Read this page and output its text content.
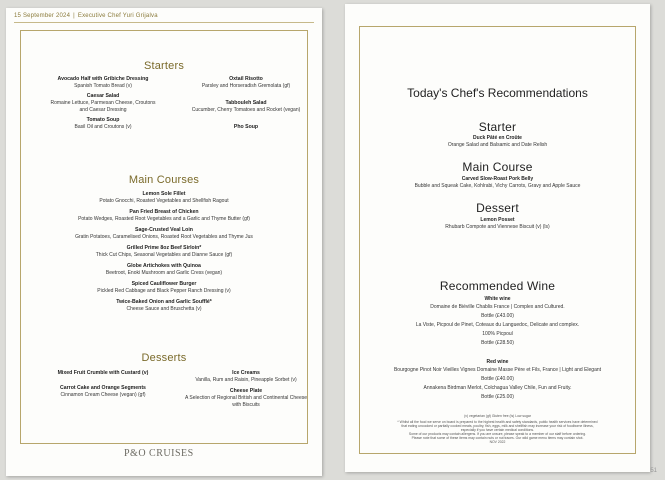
15 September 2024 | Executive Chef Yuri Grijalva
Starters
Avocado Half with Gribiche Dressing
Spanish Tomato Bread (v)
Caesar Salad
Romaine Lettuce, Parmesan Cheese, Croutons and Caesar Dressing
Tomato Soup
Basil Oil and Croutons (v)
Oxtail Risotto
Parsley and Horseradish Gremolata (gf)
Tabbouleh Salad
Cucumber, Cherry Tomatoes and Rocket (vegan)
Pho Soup
Main Courses
Lemon Sole Fillet
Potato Gnocchi, Roasted Vegetables and Shellfish Ragout
Pan Fried Breast of Chicken
Potato Wedges, Roasted Root Vegetables and a Garlic and Thyme Butter (gf)
Sage-Crusted Veal Loin
Gratin Potatoes, Caramelised Onions, Roasted Root Vegetables and Thyme Jus
Grilled Prime 8oz Beef Sirloin*
Thick Cut Chips, Seasonal Vegetables and Dianne Sauce (gf)
Globe Artichokes with Quinoa
Beetroot, Enoki Mushroom and Garlic Cress (vegan)
Spiced Cauliflower Burger
Pickled Red Cabbage and Black Pepper Ranch Dressing (v)
Twice-Baked Onion and Garlic Soufflé*
Cheese Sauce and Bruschetta (v)
Desserts
Mixed Fruit Crumble with Custard (v)
Carrot Cake and Orange Segments
Cinnamon Cream Cheese (vegan) (gf)
Ice Creams
Vanilla, Rum and Raisin, Pineapple Sorbet (v)
Cheese Plate
A Selection of Regional British and Continental Cheese with Biscuits
P&O CRUISES
Today's Chef's Recommendations
Starter
Duck Pâté en Croûte
Orange Salad and Balsamic and Date Relish
Main Course
Carved Slow-Roast Pork Belly
Bubble and Squeak Cake, Kohlrabi, Vichy Carrots, Gravy and Apple Sauce
Dessert
Lemon Posset
Rhubarb Compote and Viennese Biscuit (v) (ls)
Recommended Wine
White wine
Domaine de Biéville Chablis France | Complex and Cultured.
Bottle (£43.00)
La Viste, Picpoul de Pinet, Coteaux du Languedoc, Delicate and complex.
100% Picpoul
Bottle (£28.50)
Red wine
Bourgogne Pinot Noir Vieilles Vignes Domaine Masse Père et Fils, France | Light and Elegant
Bottle (£40.00)
Annakena Birdman Merlot, Colchagua Valley Chile, Fun and Fruity.
Bottle (£25.00)
(v) vegetarian (gf) Gluten free (ls) Low sugar
* Whilst all the food we serve on board is prepared to the highest health and safety standards, public health services have determined
that eating uncooked or partially cooked meats, poultry, fish, eggs, milk and shellfish may increase your risk of foodborne illness,
especially if you have certain medical conditions.
Some of our products may contain allergens. If you are unsure, please speak to a member of our staff before ordering.
Please note that some of these items may contain nuts or nut traces. Our wild game menu items may contain shot.
NOV 2022
51
